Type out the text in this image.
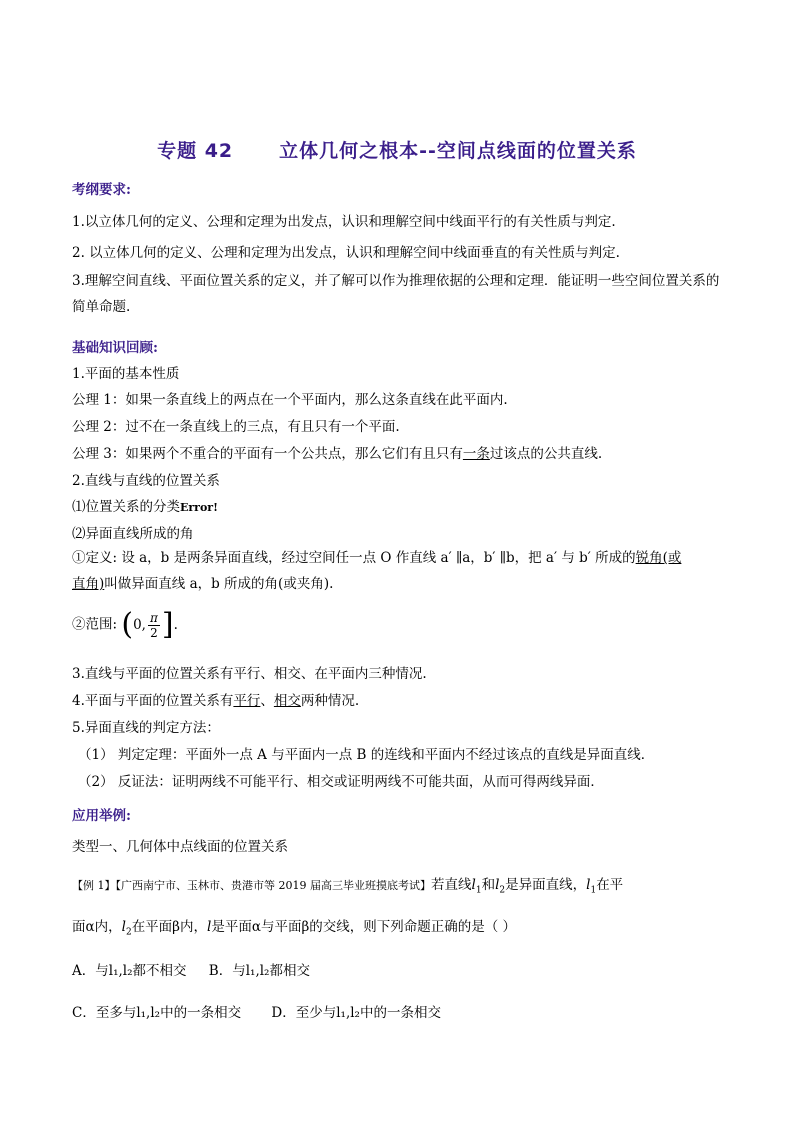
专题 42 立体几何之根本--空间点线面的位置关系
考纲要求:
1.以立体几何的定义、公理和定理为出发点，认识和理解空间中线面平行的有关性质与判定.
2. 以立体几何的定义、公理和定理为出发点，认识和理解空间中线面垂直的有关性质与判定.
3.理解空间直线、平面位置关系的定义，并了解可以作为推理依据的公理和定理．能证明一些空间位置关系的简单命题.
基础知识回顾:
1.平面的基本性质
公理 1：如果一条直线上的两点在一个平面内，那么这条直线在此平面内.
公理 2：过不在一条直线上的三点，有且只有一个平面.
公理 3：如果两个不重合的平面有一个公共点，那么它们有且只有一条过该点的公共直线.
2.直线与直线的位置关系
⑴位置关系的分类Error!
⑵异面直线所成的角
①定义: 设 a，b 是两条异面直线，经过空间任一点 O 作直线 a′ ∥a，b′ ∥b，把 a′ 与 b′ 所成的锐角(或
直角)叫做异面直线 a，b 所成的角(或夹角).
②范围: ( 0, $\frac{\pi}{2}$ ] .
3.直线与平面的位置关系有平行、相交、在平面内三种情况.
4.平面与平面的位置关系有平行、相交两种情况.
5.异面直线的判定方法：
（1） 判定定理：平面外一点 A 与平面内一点 B 的连线和平面内不经过该点的直线是异面直线．
（2） 反证法：证明两线不可能平行、相交或证明两线不可能共面，从而可得两线异面．
应用举例:
类型一、几何体中点线面的位置关系
【例 1】【广西南宁市、玉林市、贵港市等 2019 届高三毕业班摸底考试】若直线$l_1$和$l_2$是异面直线，$l_1$在平
面α内，$l_2$在平面β内，l是平面α与平面β的交线，则下列命题正确的是（ ）
A．与l₁,l₂都不相交 B．与l₁,l₂都相交
C．至多与l₁,l₂中的一条相交 D．至少与l₁,l₂中的一条相交
